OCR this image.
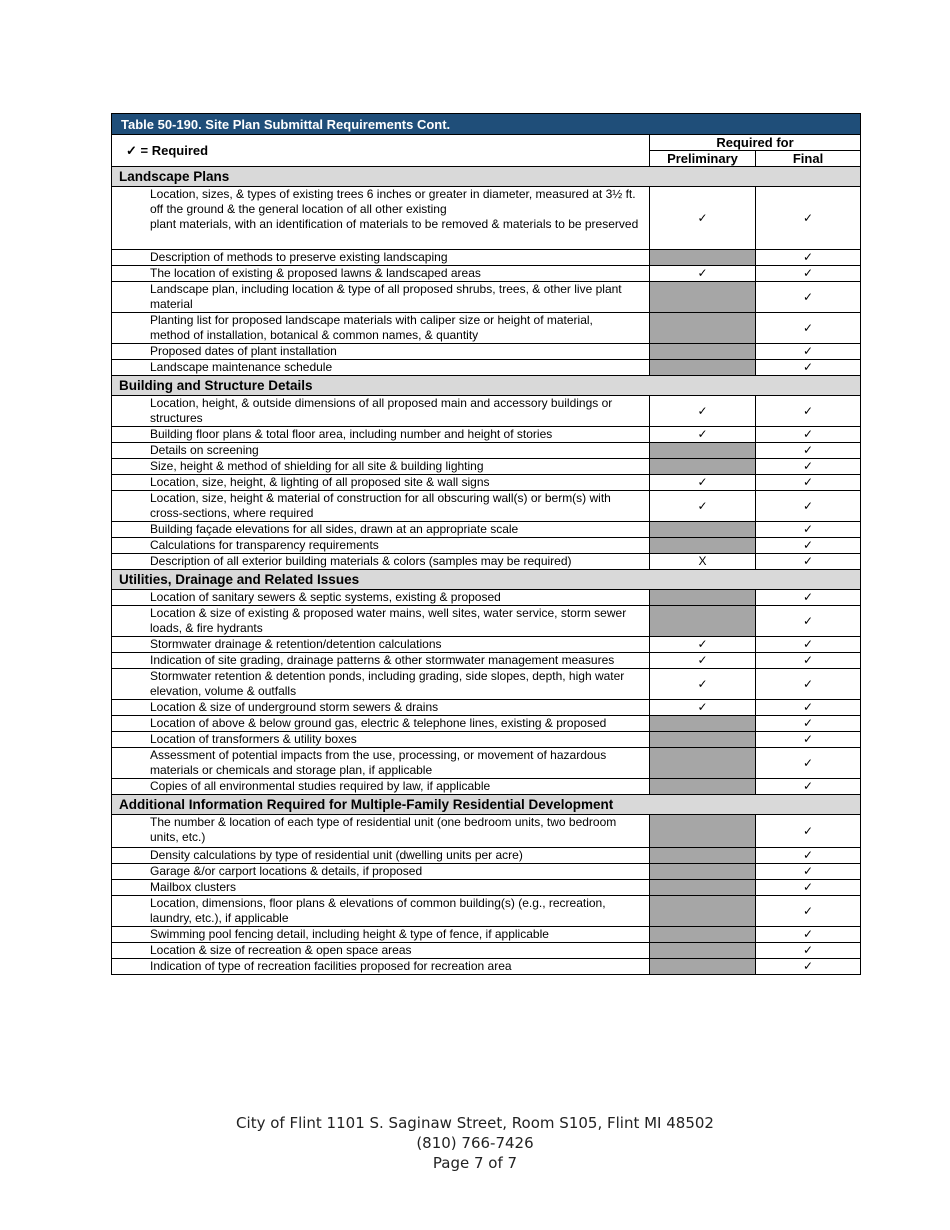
Table 50-190. Site Plan Submittal Requirements Cont.		
✓ = Required	Required for	
	Preliminary	Final
Landscape Plans		
Location, sizes, & types of existing trees 6 inches or greater in diameter, measured at 3½ ft. off the ground & the general location of all other existing
plant materials, with an identification of materials to be removed & materials to be preserved	✓	✓
Description of methods to preserve existing landscaping		✓
The location of existing & proposed lawns & landscaped areas	✓	✓
Landscape plan, including location & type of all proposed shrubs, trees, & other live plant material		✓
Planting list for proposed landscape materials with caliper size or height of material,
method of installation, botanical & common names, & quantity		✓
Proposed dates of plant installation		✓
Landscape maintenance schedule		✓
Building and Structure Details		
Location, height, & outside dimensions of all proposed main and accessory buildings or structures	✓	✓
Building floor plans & total floor area, including number and height of stories	✓	✓
Details on screening		✓
Size, height & method of shielding for all site & building lighting		✓
Location, size, height, & lighting of all proposed site & wall signs	✓	✓
Location, size, height & material of construction for all obscuring wall(s) or berm(s) with
cross-sections, where required	✓	✓
Building façade elevations for all sides, drawn at an appropriate scale		✓
Calculations for transparency requirements		✓
Description of all exterior building materials & colors (samples may be required)	X	✓
Utilities, Drainage and Related Issues		
Location of sanitary sewers & septic systems, existing & proposed		✓
Location & size of existing & proposed water mains, well sites, water service, storm sewer loads, & fire hydrants		✓
Stormwater drainage & retention/detention calculations	✓	✓
Indication of site grading, drainage patterns & other stormwater management measures	✓	✓
Stormwater retention & detention ponds, including grading, side slopes, depth, high water elevation, volume & outfalls	✓	✓
Location & size of underground storm sewers & drains	✓	✓
Location of above & below ground gas, electric & telephone lines, existing & proposed		✓
Location of transformers & utility boxes		✓
Assessment of potential impacts from the use, processing, or movement of hazardous materials or chemicals and storage plan, if applicable		✓
Copies of all environmental studies required by law, if applicable		✓
Additional Information Required for Multiple-Family Residential Development		
The number & location of each type of residential unit (one bedroom units, two bedroom units, etc.)		✓
Density calculations by type of residential unit (dwelling units per acre)		✓
Garage &/or carport locations & details, if proposed		✓
Mailbox clusters		✓
Location, dimensions, floor plans & elevations of common building(s) (e.g., recreation,
laundry, etc.), if applicable		✓
Swimming pool fencing detail, including height & type of fence, if applicable		✓
Location & size of recreation & open space areas		✓
Indication of type of recreation facilities proposed for recreation area		✓
City of Flint 1101 S. Saginaw Street, Room S105, Flint MI 48502
(810) 766-7426
Page 7 of 7
